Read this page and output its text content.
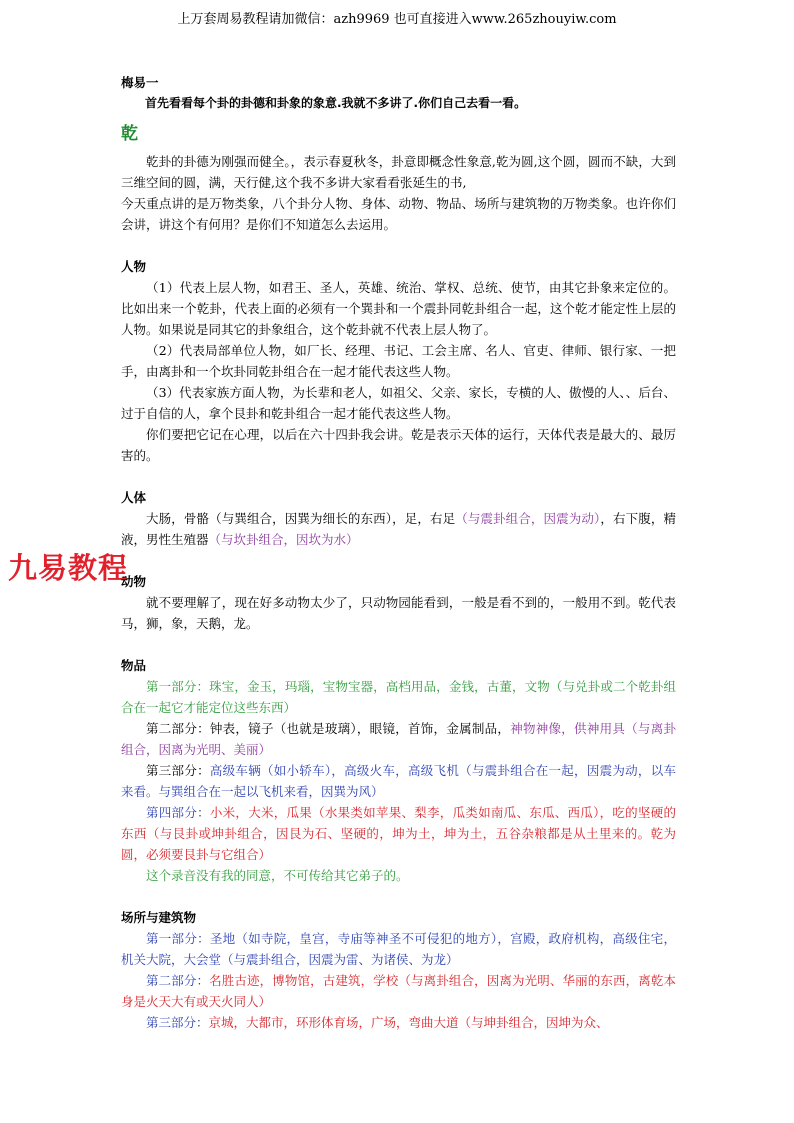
上万套周易教程请加微信：azh9969 也可直接进入www.265zhouyiw.com
九易教程

梅易一

首先看看每个卦的卦德和卦象的象意.我就不多讲了.你们自己去看一看。

乾

乾卦的卦德为刚强而健全。，表示春夏秋冬，卦意即概念性象意,乾为圆,这个圆，圆而不缺，大到三维空间的圆，满，天行健,这个我不多讲大家看看张延生的书,

今天重点讲的是万物类象，八个卦分人物、身体、动物、物品、场所与建筑物的万物类象。也许你们会讲，讲这个有何用？是你们不知道怎么去运用。

人物

（1）代表上层人物，如君王、圣人，英雄、统治、掌权、总统、使节，由其它卦象来定位的。比如出来一个乾卦，代表上面的必须有一个巽卦和一个震卦同乾卦组合一起，这个乾才能定性上层的人物。如果说是同其它的卦象组合，这个乾卦就不代表上层人物了。

（2）代表局部单位人物，如厂长、经理、书记、工会主席、名人、官吏、律师、银行家、一把手，由离卦和一个坎卦同乾卦组合在一起才能代表这些人物。

（3）代表家族方面人物，为长辈和老人，如祖父、父亲、家长，专横的人、傲慢的人、、后台、过于自信的人，拿个艮卦和乾卦组合一起才能代表这些人物。

你们要把它记在心理，以后在六十四卦我会讲。乾是表示天体的运行，天体代表是最大的、最厉害的。

人体

大肠，骨骼（与巽组合，因巽为细长的东西），足，右足（与震卦组合，因震为动），右下腹，精液，男性生殖器（与坎卦组合，因坎为水）

动物

就不要理解了，现在好多动物太少了，只动物园能看到，一般是看不到的，一般用不到。乾代表马，狮，象，天鹅，龙。

物品

第一部分：珠宝，金玉，玛瑙，宝物宝器，高档用品，金钱，古董，文物（与兑卦或二个乾卦组合在一起它才能定位这些东西）

第二部分：钟表，镜子（也就是玻璃），眼镜，首饰，金属制品，神物神像，供神用具（与离卦组合，因离为光明、美丽）

第三部分：高级车辆（如小轿车），高级火车，高级飞机（与震卦组合在一起，因震为动，以车来看。与巽组合在一起以飞机来看，因巽为风）

第四部分：小米，大米，瓜果（水果类如苹果、梨李，瓜类如南瓜、东瓜、西瓜），吃的坚硬的东西（与艮卦或坤卦组合，因艮为石、坚硬的，坤为土，坤为土，五谷杂粮都是从土里来的。乾为圆，必须要艮卦与它组合）

这个录音没有我的同意，不可传给其它弟子的。

场所与建筑物

第一部分：圣地（如寺院，皇宫，寺庙等神圣不可侵犯的地方），宫殿，政府机构，高级住宅，机关大院，大会堂（与震卦组合，因震为雷、为诸侯、为龙）

第二部分：名胜古迹，博物馆，古建筑，学校（与离卦组合，因离为光明、华丽的东西，离乾本身是火天大有或天火同人）

第三部分：京城，大都市，环形体育场，广场，弯曲大道（与坤卦组合，因坤为众、
